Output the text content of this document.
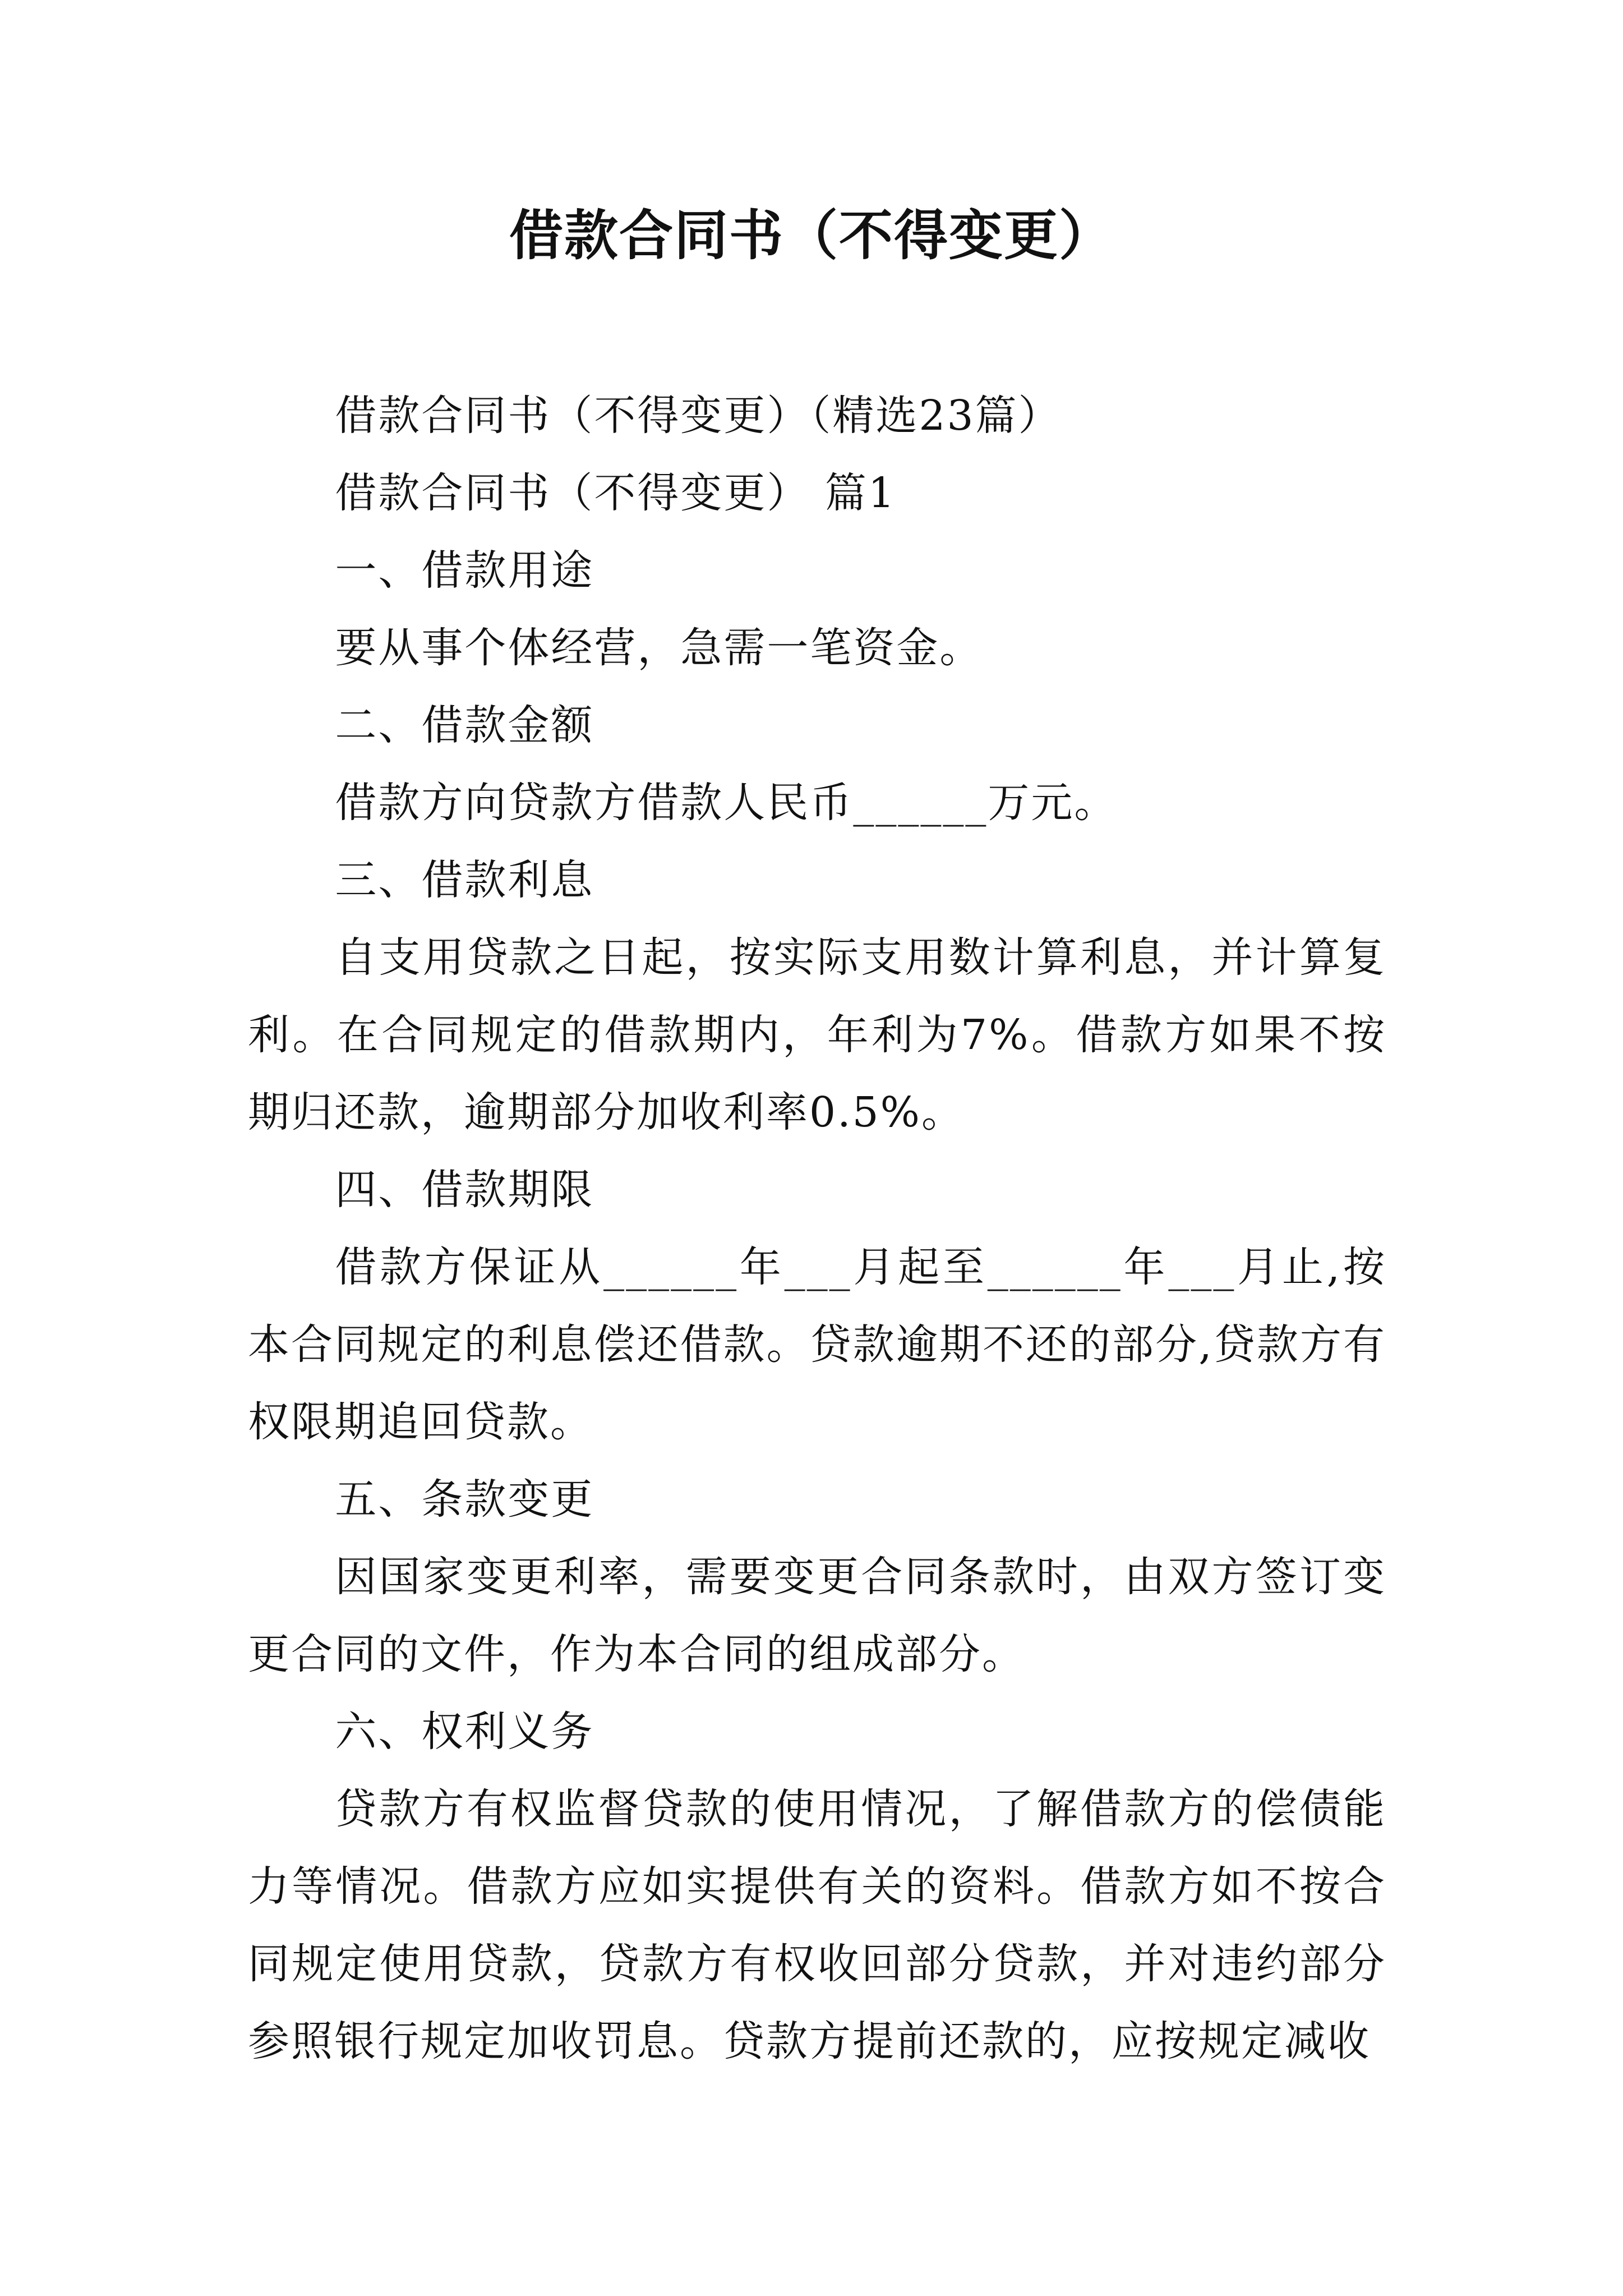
借款合同书（不得变更）

借款合同书（不得变更）（精选23篇）

借款合同书（不得变更） 篇1

一、借款用途

要从事个体经营，急需一笔资金。

二、借款金额

借款方向贷款方借款人民币______万元。

三、借款利息

自支用贷款之日起，按实际支用数计算利息，并计算复利。在合同规定的借款期内，年利为7%。借款方如果不按期归还款，逾期部分加收利率0.5%。

四、借款期限

借款方保证从______年___月起至______年___月止,按本合同规定的利息偿还借款。贷款逾期不还的部分,贷款方有权限期追回贷款。

五、条款变更

因国家变更利率，需要变更合同条款时，由双方签订变更合同的文件，作为本合同的组成部分。

六、权利义务

贷款方有权监督贷款的使用情况，了解借款方的偿债能力等情况。借款方应如实提供有关的资料。借款方如不按合同规定使用贷款，贷款方有权收回部分贷款，并对违约部分参照银行规定加收罚息。贷款方提前还款的，应按规定减收
